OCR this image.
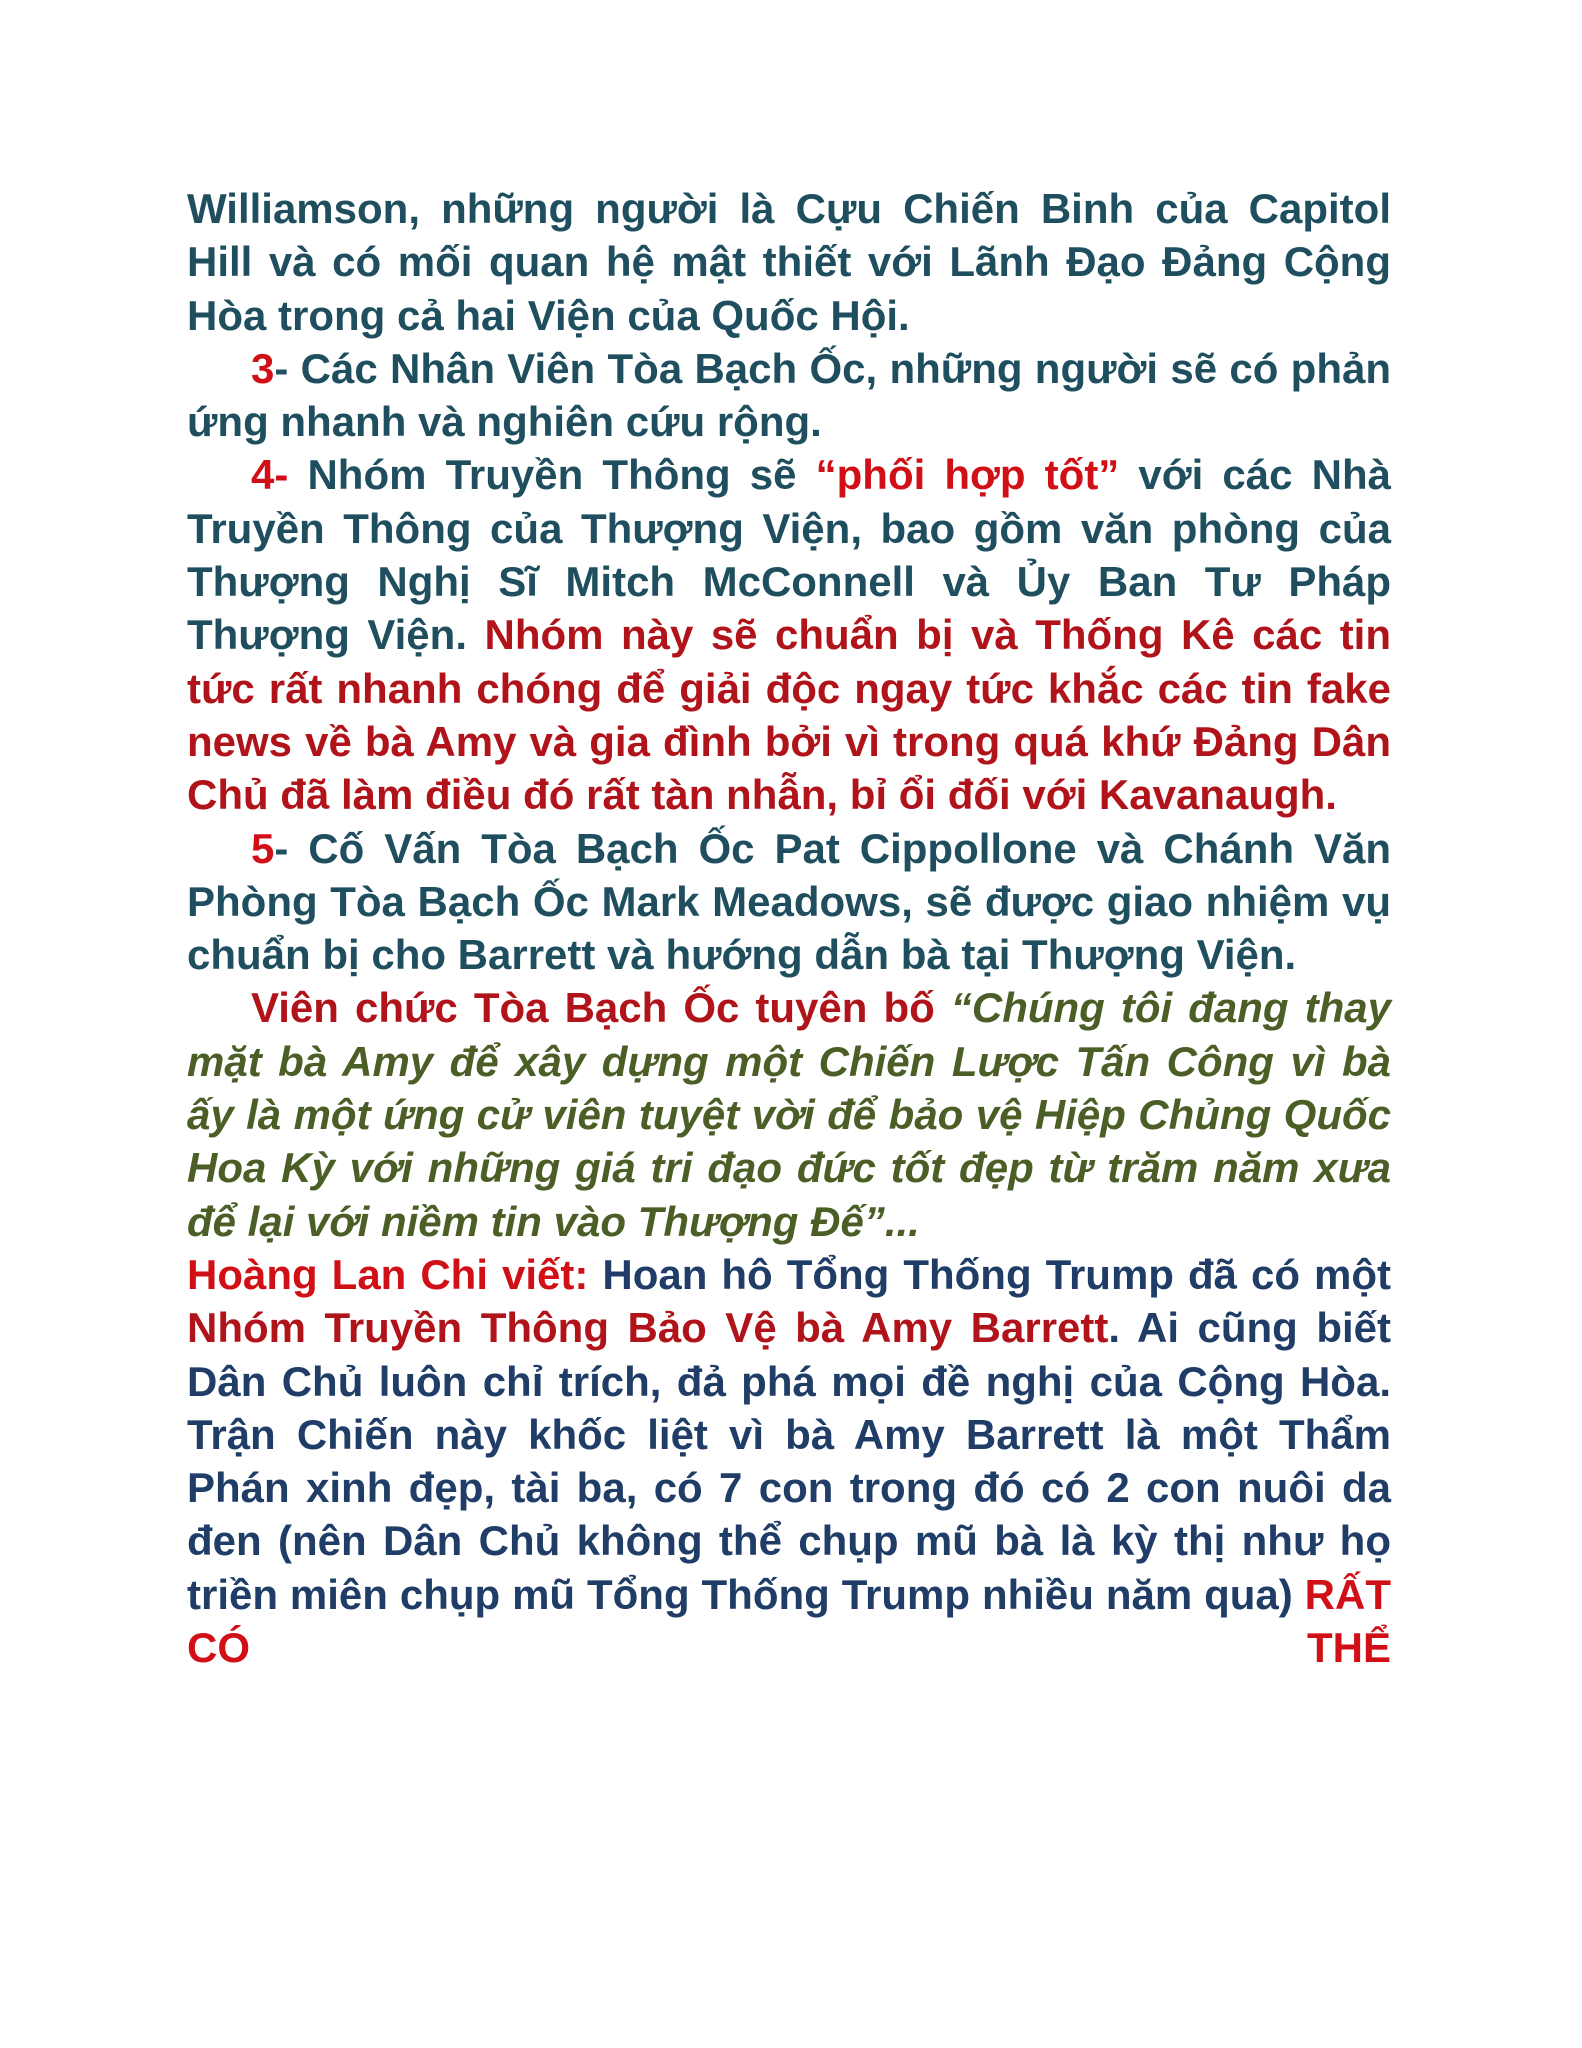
Williamson, những người là Cựu Chiến Binh của Capitol Hill và có mối quan hệ mật thiết với Lãnh Đạo Đảng Cộng Hòa trong cả hai Viện của Quốc Hội.

3- Các Nhân Viên Tòa Bạch Ốc, những người sẽ có phản ứng nhanh và nghiên cứu rộng.

4- Nhóm Truyền Thông sẽ “phối hợp tốt” với các Nhà Truyền Thông của Thượng Viện, bao gồm văn phòng của Thượng Nghị Sĩ Mitch McConnell và Ủy Ban Tư Pháp Thượng Viện. Nhóm này sẽ chuẩn bị và Thống Kê các tin tức rất nhanh chóng để giải độc ngay tức khắc các tin fake news về bà Amy và gia đình bởi vì trong quá khứ Đảng Dân Chủ đã làm điều đó rất tàn nhẫn, bỉ ổi đối với Kavanaugh.

5- Cố Vấn Tòa Bạch Ốc Pat Cippollone và Chánh Văn Phòng Tòa Bạch Ốc Mark Meadows, sẽ được giao nhiệm vụ chuẩn bị cho Barrett và hướng dẫn bà tại Thượng Viện.

Viên chức Tòa Bạch Ốc tuyên bố “Chúng tôi đang thay mặt bà Amy để xây dựng một Chiến Lược Tấn Công vì bà ấy là một ứng cử viên tuyệt vời để bảo vệ Hiệp Chủng Quốc Hoa Kỳ với những giá tri đạo đức tốt đẹp từ trăm năm xưa để lại với niềm tin vào Thượng Đế”...

Hoàng Lan Chi viết: Hoan hô Tổng Thống Trump đã có một Nhóm Truyền Thông Bảo Vệ bà Amy Barrett. Ai cũng biết Dân Chủ luôn chỉ trích, đả phá mọi đề nghị của Cộng Hòa. Trận Chiến này khốc liệt vì bà Amy Barrett là một Thẩm Phán xinh đẹp, tài ba, có 7 con trong đó có 2 con nuôi da đen (nên Dân Chủ không thể chụp mũ bà là kỳ thị như họ triền miên chụp mũ Tổng Thống Trump nhiều năm qua) RẤT CÓ THỂ
